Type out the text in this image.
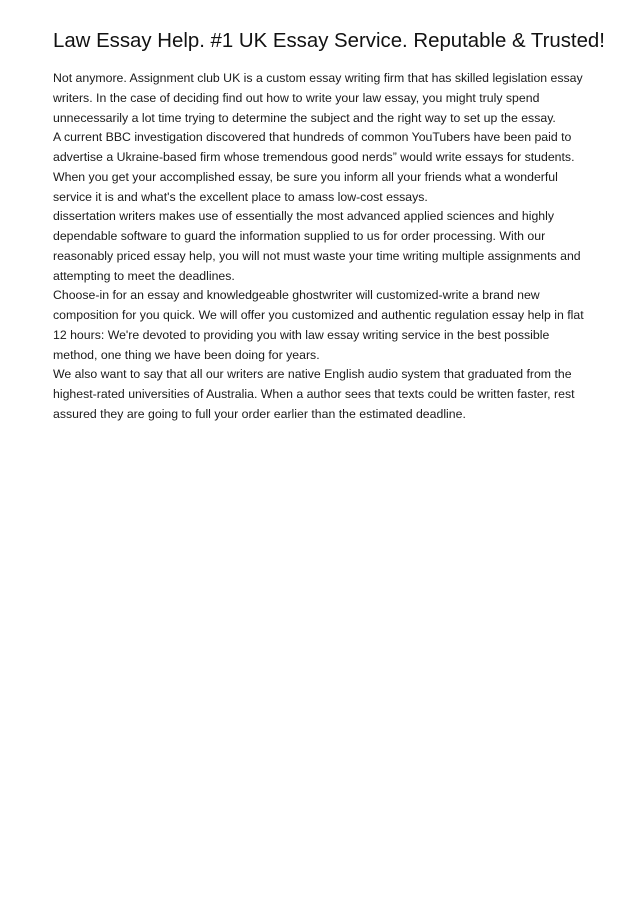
Law Essay Help. #1 UK Essay Service. Reputable & Trusted!

Not anymore. Assignment club UK is a custom essay writing firm that has skilled legislation essay writers. In the case of deciding find out how to write your law essay, you might truly spend unnecessarily a lot time trying to determine the subject and the right way to set up the essay.

A current BBC investigation discovered that hundreds of common YouTubers have been paid to advertise a Ukraine-based firm whose tremendous good nerds” would write essays for students. When you get your accomplished essay, be sure you inform all your friends what a wonderful service it is and what's the excellent place to amass low-cost essays.

dissertation writers makes use of essentially the most advanced applied sciences and highly dependable software to guard the information supplied to us for order processing. With our reasonably priced essay help, you will not must waste your time writing multiple assignments and attempting to meet the deadlines.

Choose-in for an essay and knowledgeable ghostwriter will customized-write a brand new composition for you quick. We will offer you customized and authentic regulation essay help in flat 12 hours: We're devoted to providing you with law essay writing service in the best possible method, one thing we have been doing for years.

We also want to say that all our writers are native English audio system that graduated from the highest-rated universities of Australia. When a author sees that texts could be written faster, rest assured they are going to full your order earlier than the estimated deadline.
